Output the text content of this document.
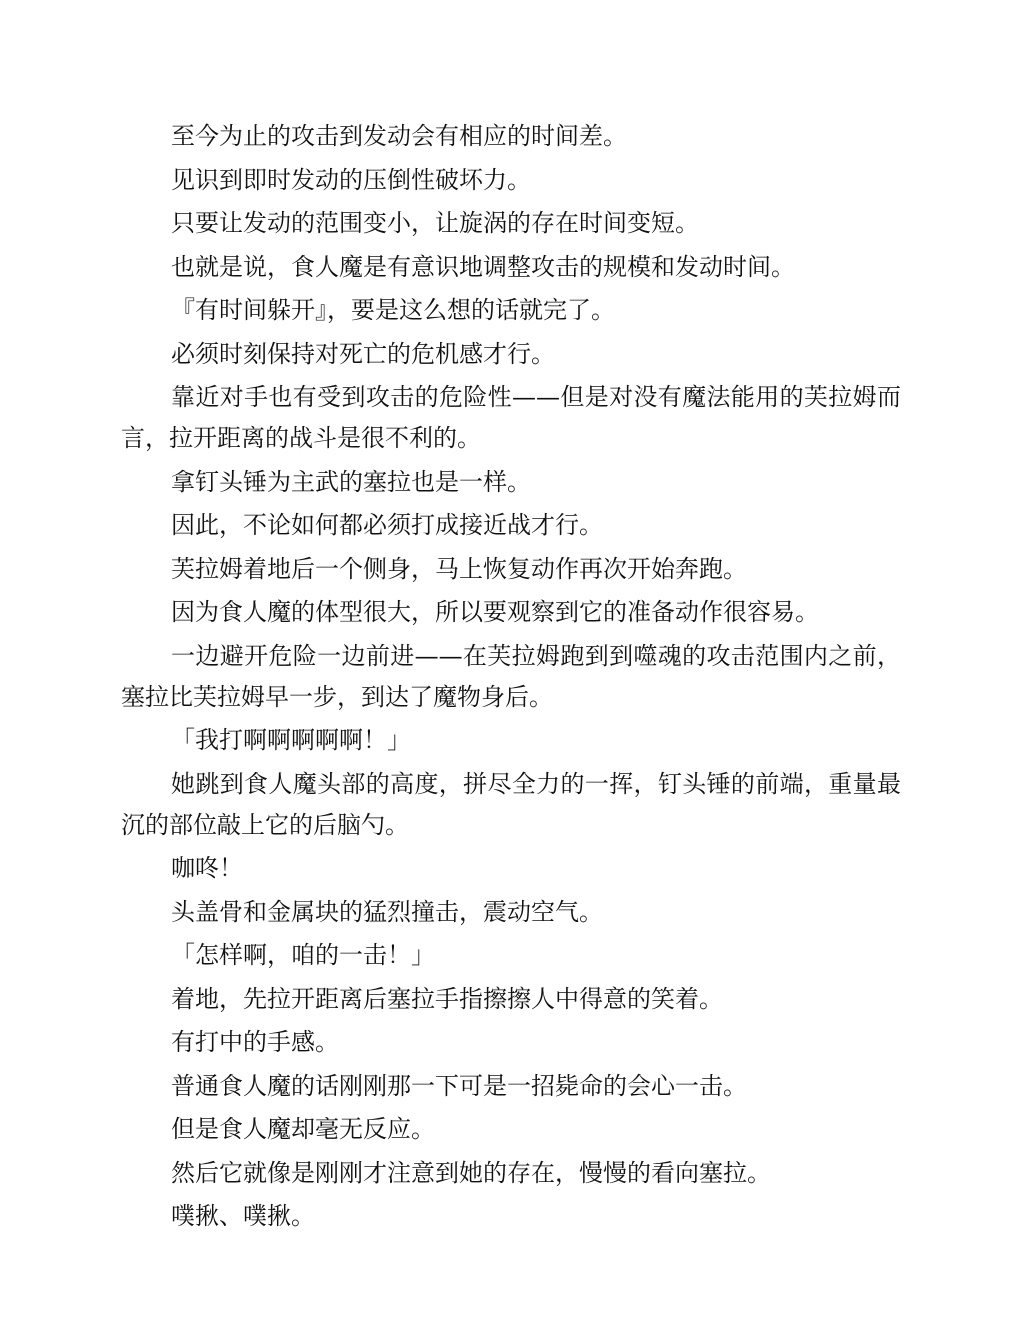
至今为止的攻击到发动会有相应的时间差。

见识到即时发动的压倒性破坏力。

只要让发动的范围变小，让旋涡的存在时间变短。

也就是说，食人魔是有意识地调整攻击的规模和发动时间。

『有时间躲开』，要是这么想的话就完了。

必须时刻保持对死亡的危机感才行。

靠近对手也有受到攻击的危险性——但是对没有魔法能用的芙拉姆而言，拉开距离的战斗是很不利的。

拿钉头锤为主武的塞拉也是一样。

因此，不论如何都必须打成接近战才行。

芙拉姆着地后一个侧身，马上恢复动作再次开始奔跑。

因为食人魔的体型很大，所以要观察到它的准备动作很容易。

一边避开危险一边前进——在芙拉姆跑到到噬魂的攻击范围内之前，塞拉比芙拉姆早一步，到达了魔物身后。

「我打啊啊啊啊啊！」

她跳到食人魔头部的高度，拼尽全力的一挥，钉头锤的前端，重量最沉的部位敲上它的后脑勺。

咖咚！

头盖骨和金属块的猛烈撞击，震动空气。

「怎样啊，咱的一击！」

着地，先拉开距离后塞拉手指擦擦人中得意的笑着。

有打中的手感。

普通食人魔的话刚刚那一下可是一招毙命的会心一击。

但是食人魔却毫无反应。

然后它就像是刚刚才注意到她的存在，慢慢的看向塞拉。

噗揪、噗揪。
